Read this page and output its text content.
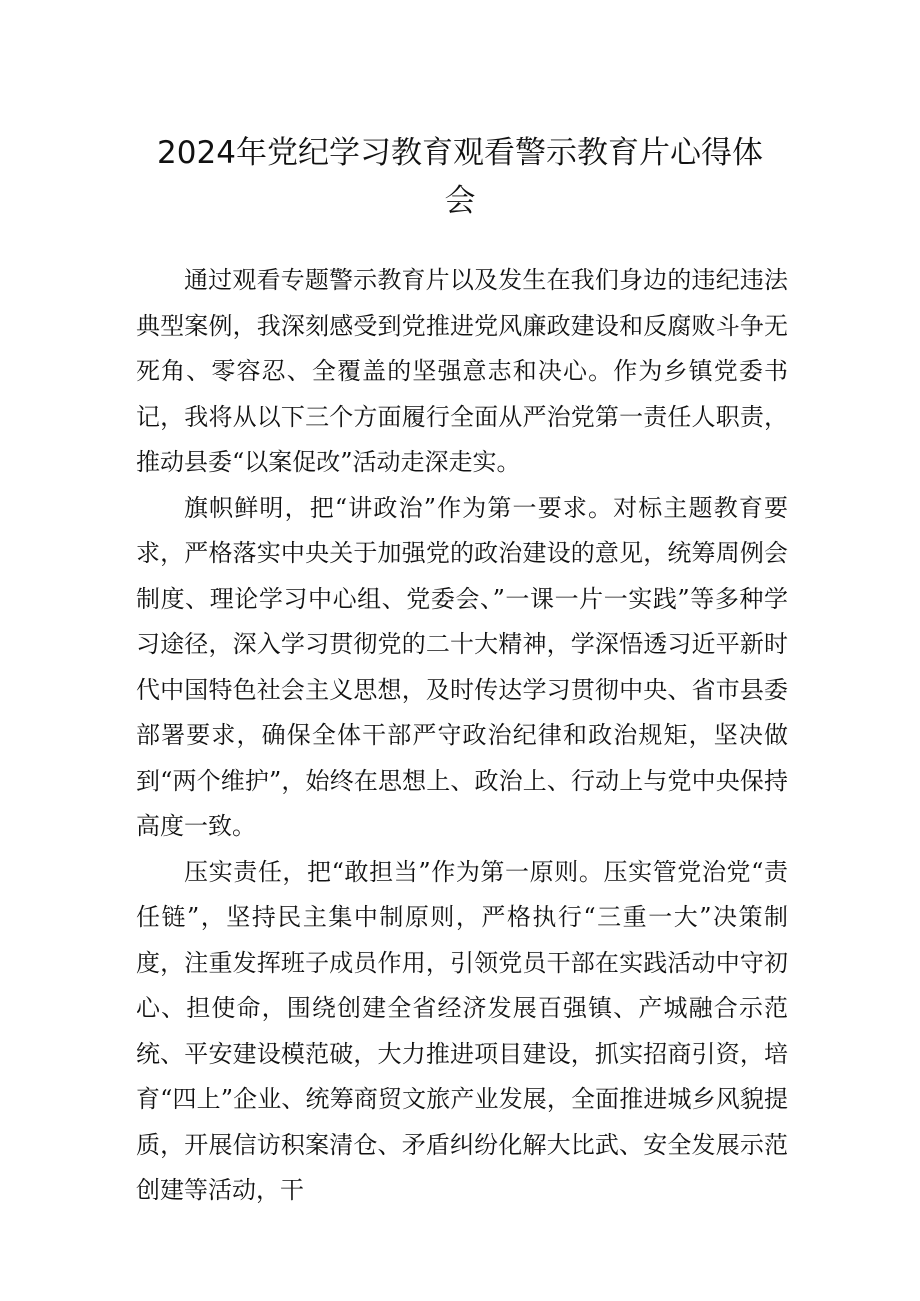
2024年党纪学习教育观看警示教育片心得体会

通过观看专题警示教育片以及发生在我们身边的违纪违法典型案例，我深刻感受到党推进党风廉政建设和反腐败斗争无死角、零容忍、全覆盖的坚强意志和决心。作为乡镇党委书记，我将从以下三个方面履行全面从严治党第一责任人职责，推动县委“以案促改”活动走深走实。

旗帜鲜明，把“讲政治”作为第一要求。对标主题教育要求，严格落实中央关于加强党的政治建设的意见，统筹周例会制度、理论学习中心组、党委会、”一课一片一实践”等多种学习途径，深入学习贯彻党的二十大精神，学深悟透习近平新时代中国特色社会主义思想，及时传达学习贯彻中央、省市县委部署要求，确保全体干部严守政治纪律和政治规矩，坚决做到“两个维护”，始终在思想上、政治上、行动上与党中央保持高度一致。

压实责任，把“敢担当”作为第一原则。压实管党治党“责任链”，坚持民主集中制原则，严格执行“三重一大”决策制度，注重发挥班子成员作用，引领党员干部在实践活动中守初心、担使命，围绕创建全省经济发展百强镇、产城融合示范统、平安建设模范破，大力推进项目建设，抓实招商引资，培育“四上”企业、统筹商贸文旅产业发展，全面推进城乡风貌提质，开展信访积案清仓、矛盾纠纷化解大比武、安全发展示范创建等活动，干
